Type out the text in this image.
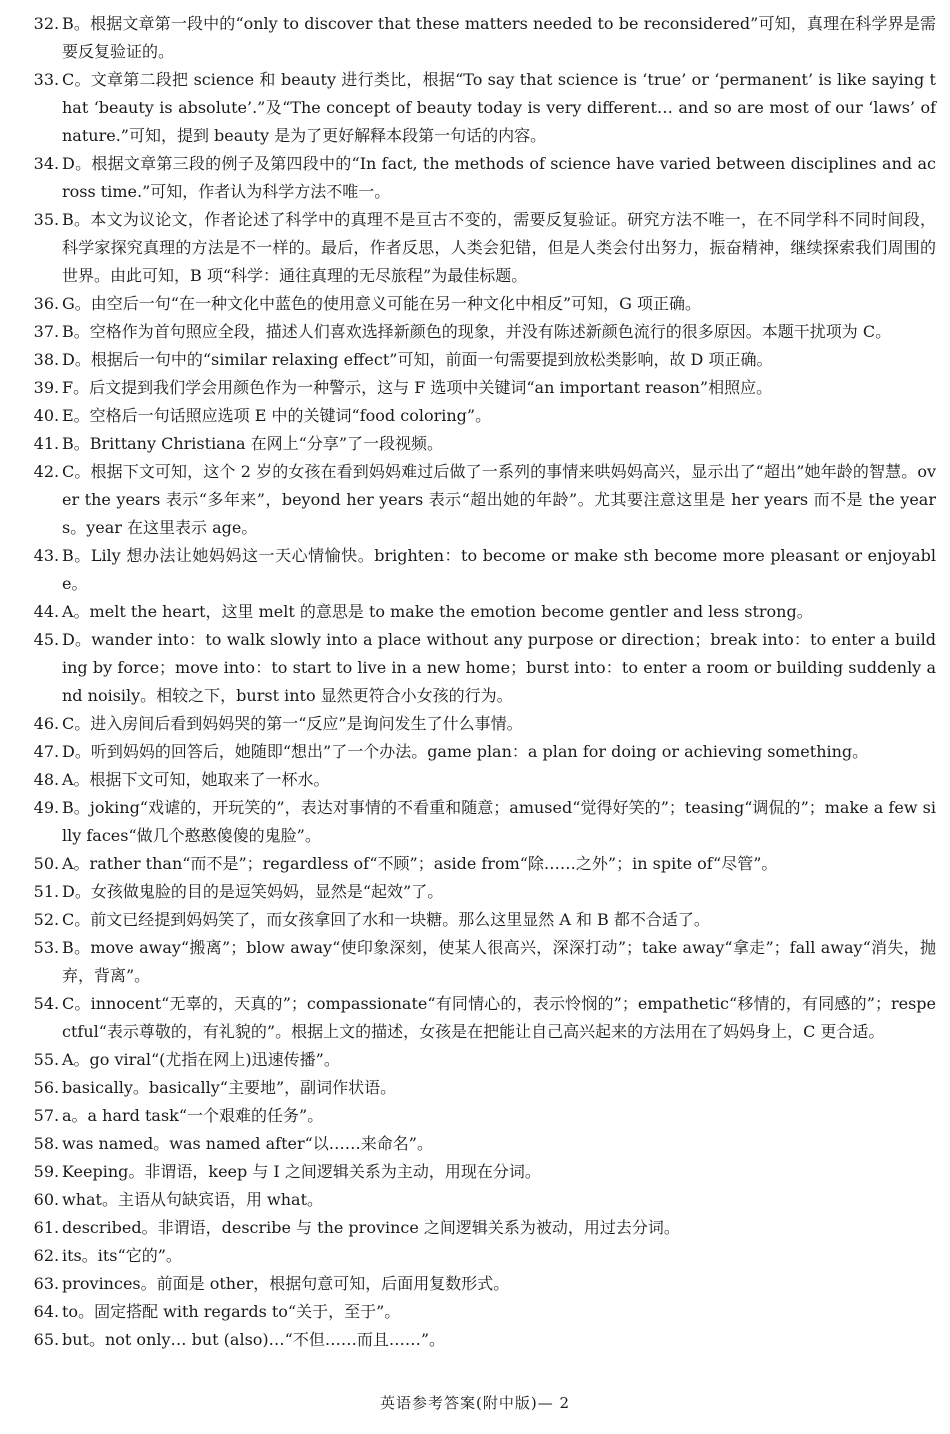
32 . B。根据文章第一段中的“only to discover that these matters needed to be reconsidered”可知，真理在科学界是需要反复验证的。
33 . C。文章第二段把 science 和 beauty 进行类比，根据“To say that science is ‘true’ or ‘permanent’ is like saying that ‘beauty is absolute’.”及“The concept of beauty today is very different… and so are most of our ‘laws’ of nature.”可知，提到 beauty 是为了更好解释本段第一句话的内容。
34 . D。根据文章第三段的例子及第四段中的“In fact, the methods of science have varied between disciplines and across time.”可知，作者认为科学方法不唯一。
35 . B。本文为议论文，作者论述了科学中的真理不是亘古不变的，需要反复验证。研究方法不唯一，在不同学科不同时间段，科学家探究真理的方法是不一样的。最后，作者反思，人类会犯错，但是人类会付出努力，振奋精神，继续探索我们周围的世界。由此可知，B 项“科学：通往真理的无尽旅程”为最佳标题。
36 . G。由空后一句“在一种文化中蓝色的使用意义可能在另一种文化中相反”可知，G 项正确。
37 . B。空格作为首句照应全段，描述人们喜欢选择新颜色的现象，并没有陈述新颜色流行的很多原因。本题干扰项为 C。
38 . D。根据后一句中的“similar relaxing effect”可知，前面一句需要提到放松类影响，故 D 项正确。
39 . F。后文提到我们学会用颜色作为一种警示，这与 F 选项中关键词“an important reason”相照应。
40 . E。空格后一句话照应选项 E 中的关键词“food coloring”。
41 . B。Brittany Christiana 在网上“分享”了一段视频。
42 . C。根据下文可知，这个 2 岁的女孩在看到妈妈难过后做了一系列的事情来哄妈妈高兴，显示出了“超出”她年龄的智慧。over the years 表示“多年来”，beyond her years 表示“超出她的年龄”。尤其要注意这里是 her years 而不是 the years。year 在这里表示 age。
43 . B。Lily 想办法让她妈妈这一天心情愉快。brighten：to become or make sth become more pleasant or enjoyable。
44 . A。melt the heart，这里 melt 的意思是 to make the emotion become gentler and less strong。
45 . D。wander into：to walk slowly into a place without any purpose or direction；break into：to enter a building by force；move into：to start to live in a new home；burst into：to enter a room or building suddenly and noisily。相较之下，burst into 显然更符合小女孩的行为。
46 . C。进入房间后看到妈妈哭的第一“反应”是询问发生了什么事情。
47 . D。听到妈妈的回答后，她随即“想出”了一个办法。game plan：a plan for doing or achieving something。
48 . A。根据下文可知，她取来了一杯水。
49 . B。joking“戏谑的，开玩笑的”，表达对事情的不看重和随意；amused“觉得好笑的”；teasing“调侃的”；make a few silly faces“做几个憨憨傻傻的鬼脸”。
50 . A。rather than“而不是”；regardless of“不顾”；aside from“除……之外”；in spite of“尽管”。
51 . D。女孩做鬼脸的目的是逗笑妈妈，显然是“起效”了。
52 . C。前文已经提到妈妈笑了，而女孩拿回了水和一块糖。那么这里显然 A 和 B 都不合适了。
53 . B。move away“搬离”；blow away“使印象深刻，使某人很高兴，深深打动”；take away“拿走”；fall away“消失，抛弃，背离”。
54 . C。innocent“无辜的，天真的”；compassionate“有同情心的，表示怜悯的”；empathetic“移情的，有同感的”；respectful“表示尊敬的，有礼貌的”。根据上文的描述，女孩是在把能让自己高兴起来的方法用在了妈妈身上，C 更合适。
55 . A。go viral“(尤指在网上)迅速传播”。
56 . basically。basically“主要地”，副词作状语。
57 . a。a hard task“一个艰难的任务”。
58 . was named。was named after“以……来命名”。
59 . Keeping。非谓语，keep 与 I 之间逻辑关系为主动，用现在分词。
60 . what。主语从句缺宾语，用 what。
61 . described。非谓语，describe 与 the province 之间逻辑关系为被动，用过去分词。
62 . its。its“它的”。
63 . provinces。前面是 other，根据句意可知，后面用复数形式。
64 . to。固定搭配 with regards to“关于，至于”。
65 . but。not only… but (also)…“不但……而且……”。
英语参考答案(附中版)— 2
